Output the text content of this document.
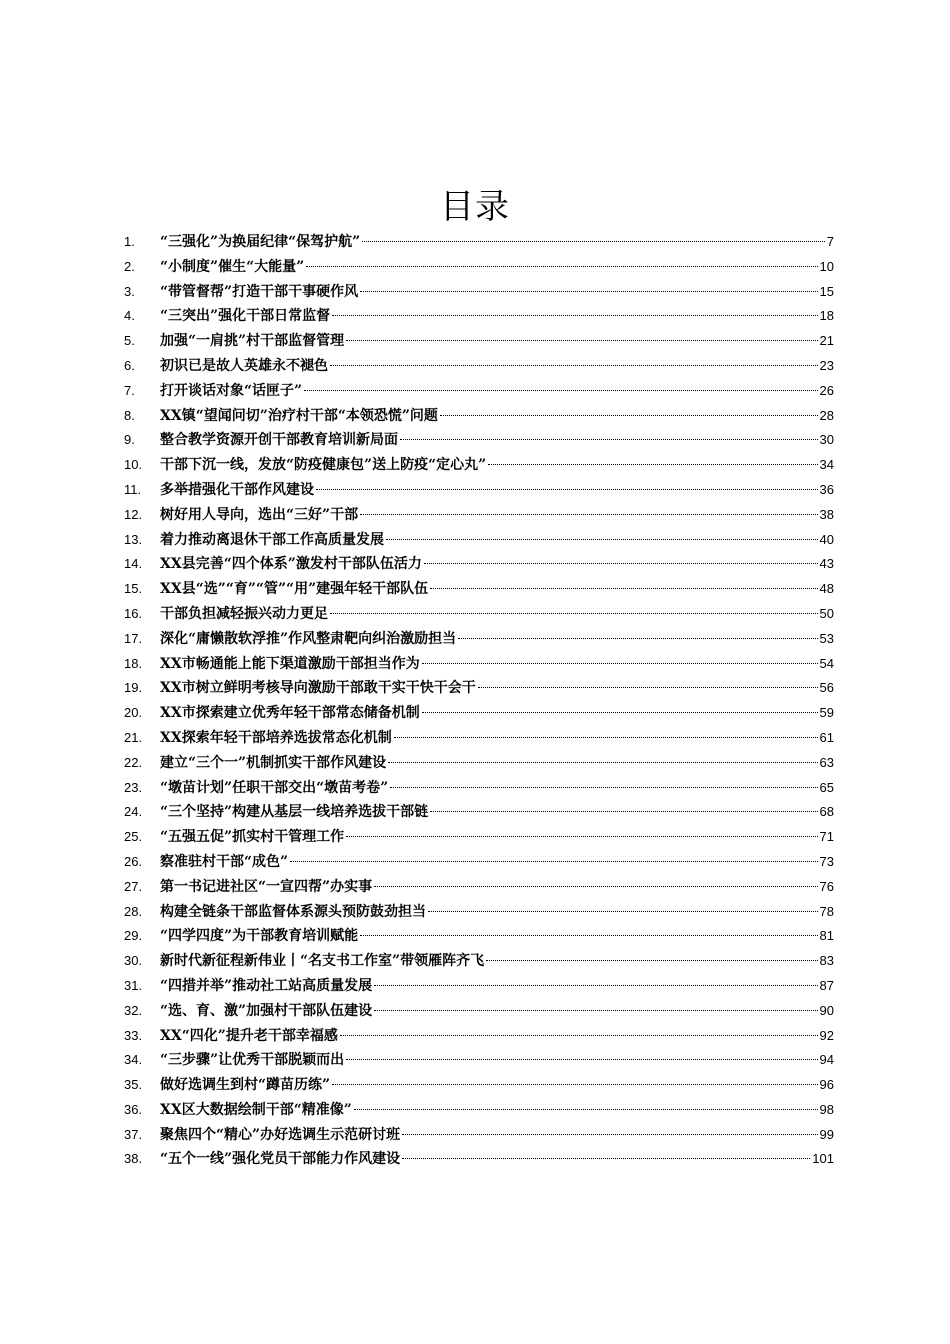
目录
1.	“三强化”为换届纪律“保驾护航”	7
2.	“小制度”催生“大能量”	10
3.	“带管督帮”打造干部干事硬作风	15
4.	“三突出”强化干部日常监督	18
5.	加强“一肩挑”村干部监督管理	21
6.	初识已是故人英雄永不褪色	23
7.	打开谈话对象“话匣子”	26
8.	XX镇“望闻问切”治疗村干部“本领恐慌”问题	28
9.	整合教学资源开创干部教育培训新局面	30
10.	干部下沉一线，发放“防疫健康包”送上防疫“定心丸”	34
11.	多举措强化干部作风建设	36
12.	树好用人导向，选出“三好”干部	38
13.	着力推动离退休干部工作高质量发展	40
14.	XX县完善“四个体系”激发村干部队伍活力	43
15.	XX县“选”“育”“管”“用”建强年轻干部队伍	48
16.	干部负担减轻振兴动力更足	50
17.	深化“庸懒散软浮推”作风整肃靶向纠治激励担当	53
18.	XX市畅通能上能下渠道激励干部担当作为	54
19.	XX市树立鲜明考核导向激励干部敢干实干快干会干	56
20.	XX市探索建立优秀年轻干部常态储备机制	59
21.	XX探索年轻干部培养选拔常态化机制	61
22.	建立“三个一”机制抓实干部作风建设	63
23.	“墩苗计划”任职干部交出“墩苗考卷”	65
24.	“三个坚持”构建从基层一线培养选拔干部链	68
25.	“五强五促”抓实村干管理工作	71
26.	察准驻村干部“成色”	73
27.	第一书记进社区“一宣四帮”办实事	76
28.	构建全链条干部监督体系源头预防鼓劲担当	78
29.	“四学四度”为干部教育培训赋能	81
30.	新时代新征程新伟业丨“名支书工作室”带领雁阵齐飞	83
31.	“四措并举”推动社工站高质量发展	87
32.	“选、育、激”加强村干部队伍建设	90
33.	XX“四化”提升老干部幸福感	92
34.	“三步骤”让优秀干部脱颖而出	94
35.	做好选调生到村“蹲苗历练”	96
36.	XX区大数据绘制干部“精准像”	98
37.	聚焦四个“精心”办好选调生示范研讨班	99
38.	“五个一线”强化党员干部能力作风建设	101
